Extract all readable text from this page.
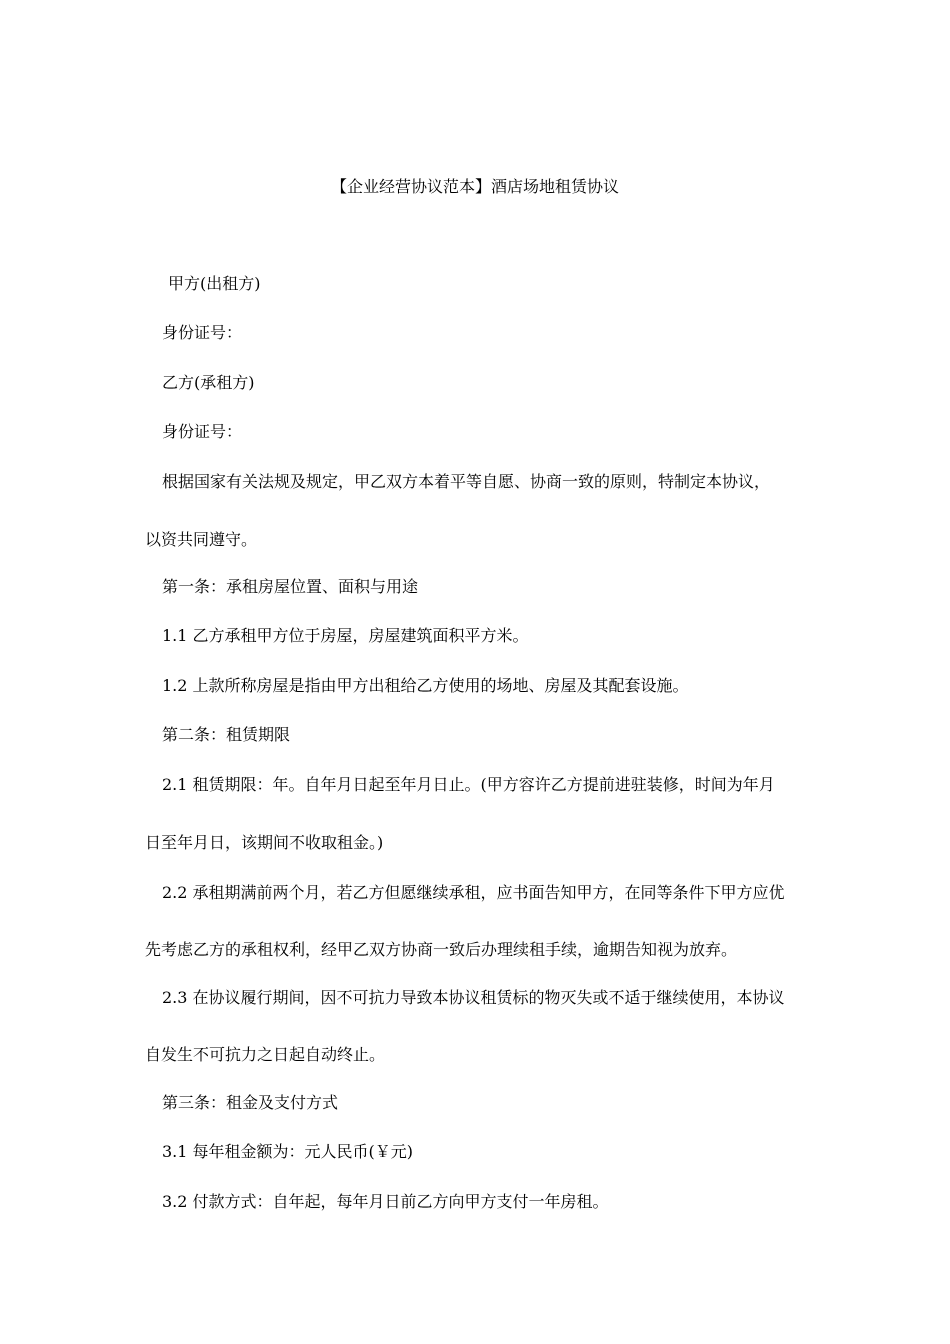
【企业经营协议范本】酒店场地租赁协议
甲方(出租方)
身份证号：
乙方(承租方)
身份证号：
根据国家有关法规及规定，甲乙双方本着平等自愿、协商一致的原则，特制定本协议，
以资共同遵守。
第一条：承租房屋位置、面积与用途
1.1 乙方承租甲方位于房屋，房屋建筑面积平方米。
1.2 上款所称房屋是指由甲方出租给乙方使用的场地、房屋及其配套设施。
第二条：租赁期限
2.1 租赁期限：年。自年月日起至年月日止。(甲方容许乙方提前进驻装修，时间为年月
日至年月日，该期间不收取租金。)
2.2 承租期满前两个月，若乙方但愿继续承租，应书面告知甲方，在同等条件下甲方应优
先考虑乙方的承租权利，经甲乙双方协商一致后办理续租手续，逾期告知视为放弃。
2.3 在协议履行期间，因不可抗力导致本协议租赁标的物灭失或不适于继续使用，本协议
自发生不可抗力之日起自动终止。
第三条：租金及支付方式
3.1 每年租金额为：元人民币(￥元)
3.2 付款方式：自年起，每年月日前乙方向甲方支付一年房租。
